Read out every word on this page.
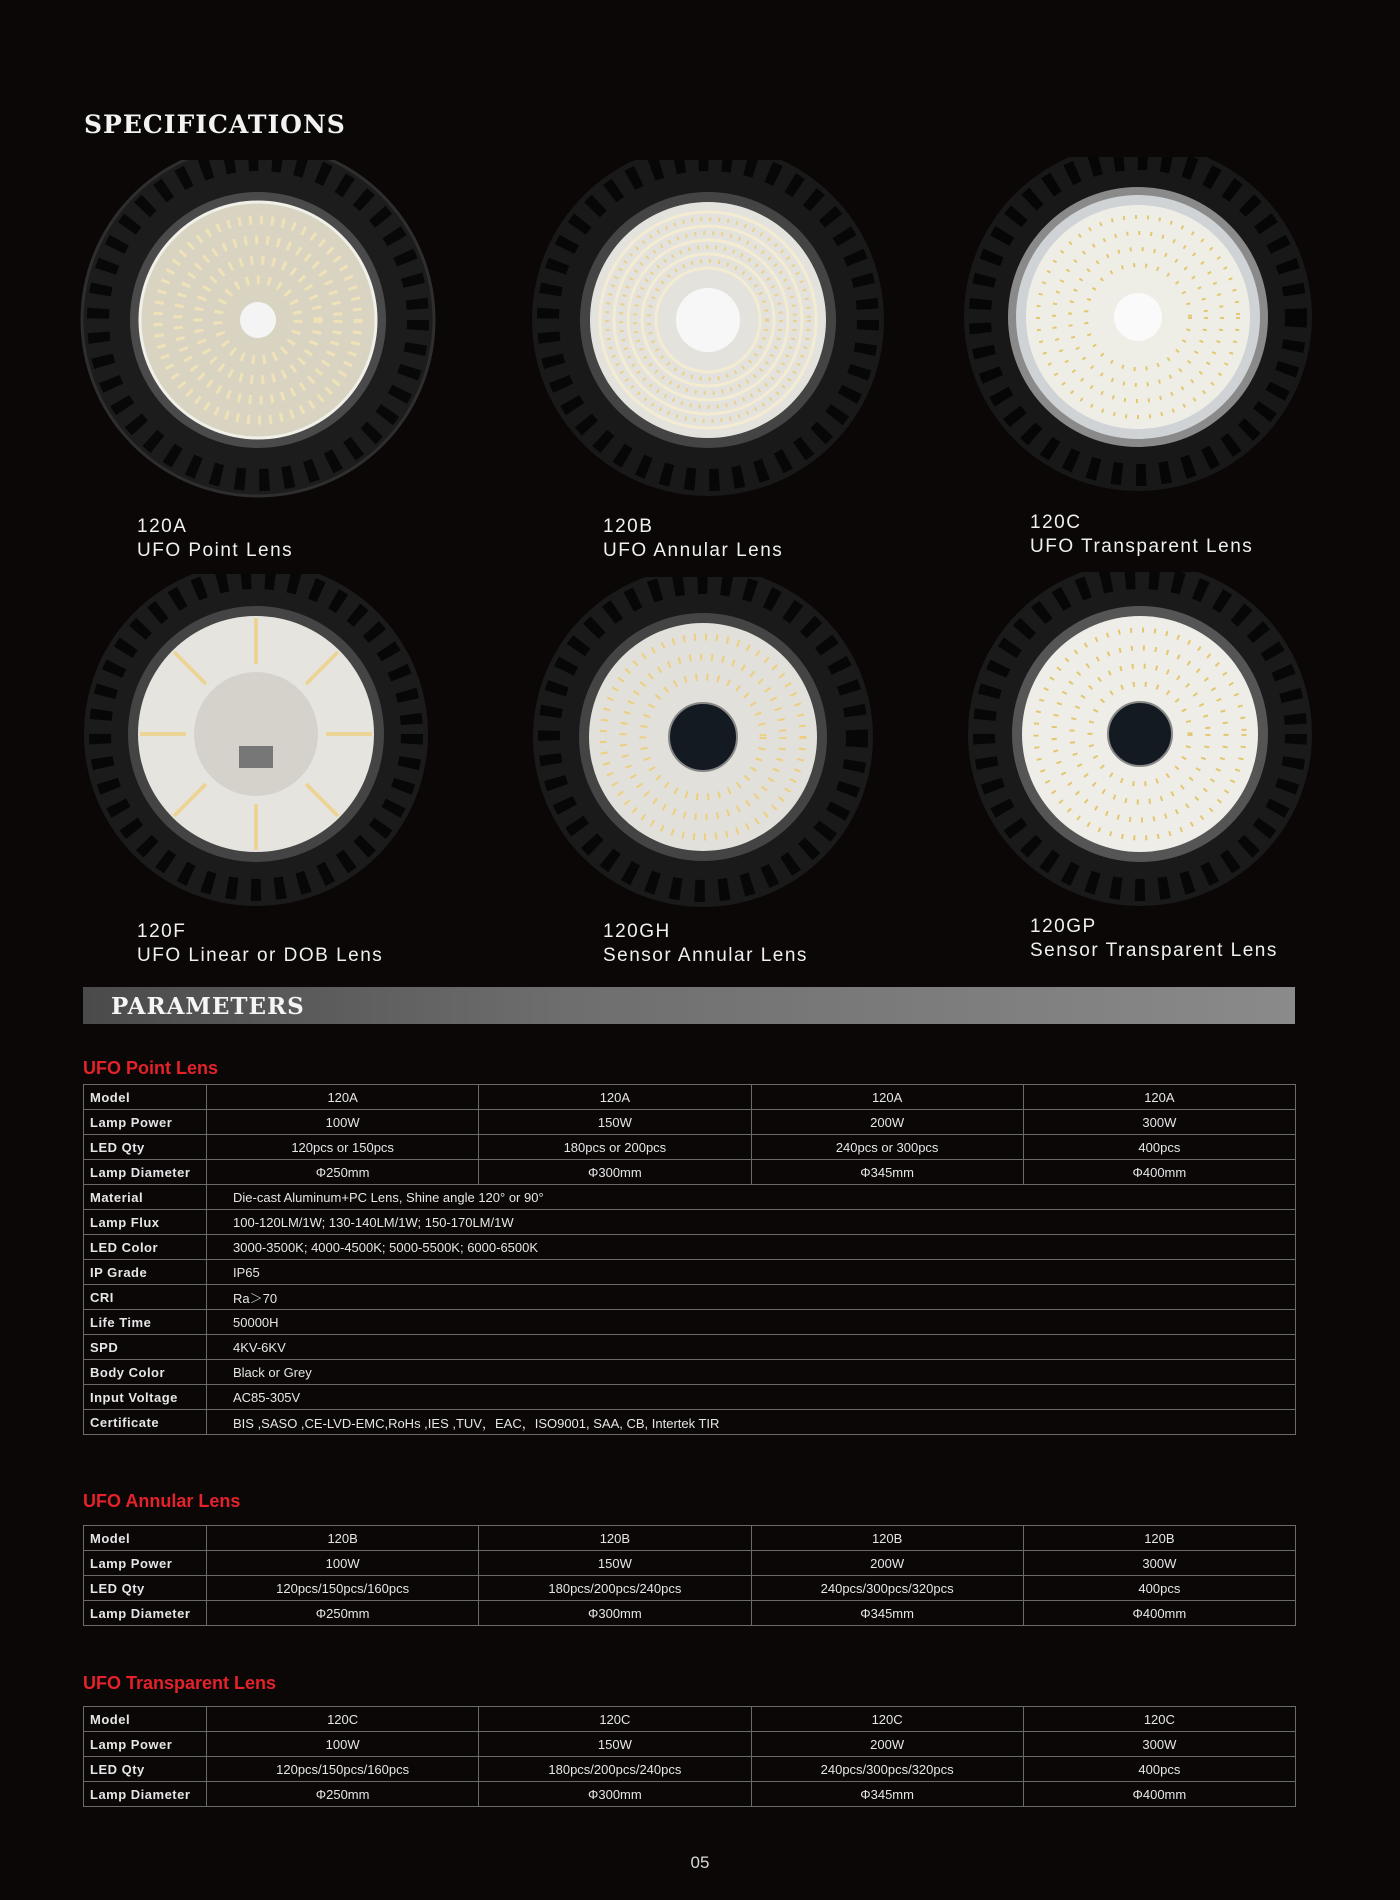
SPECIFICATIONS
120A
UFO Point Lens
120B
UFO Annular Lens
120C
UFO Transparent Lens
120F
UFO Linear or DOB Lens
120GH
Sensor Annular Lens
120GP
Sensor Transparent Lens
PARAMETERS
UFO Point Lens
Model	120A	120A	120A	120A
Lamp Power	100W	150W	200W	300W
LED Qty	120pcs or 150pcs	180pcs or 200pcs	240pcs or 300pcs	400pcs
Lamp Diameter	Φ250mm	Φ300mm	Φ345mm	Φ400mm
Material	Die-cast Aluminum+PC Lens, Shine angle 120° or 90°			
Lamp Flux	100-120LM/1W; 130-140LM/1W; 150-170LM/1W			
LED Color	3000-3500K; 4000-4500K; 5000-5500K; 6000-6500K			
IP Grade	IP65			
CRI	Ra＞70			
Life Time	50000H			
SPD	4KV-6KV			
Body Color	Black or Grey			
Input Voltage	AC85-305V			
Certificate	BIS ,SASO ,CE-LVD-EMC,RoHs ,IES ,TUV，EAC，ISO9001, SAA, CB, Intertek TIR			
UFO Annular Lens
Model	120B	120B	120B	120B
Lamp Power	100W	150W	200W	300W
LED Qty	120pcs/150pcs/160pcs	180pcs/200pcs/240pcs	240pcs/300pcs/320pcs	400pcs
Lamp Diameter	Φ250mm	Φ300mm	Φ345mm	Φ400mm
UFO Transparent Lens
Model	120C	120C	120C	120C
Lamp Power	100W	150W	200W	300W
LED Qty	120pcs/150pcs/160pcs	180pcs/200pcs/240pcs	240pcs/300pcs/320pcs	400pcs
Lamp Diameter	Φ250mm	Φ300mm	Φ345mm	Φ400mm
05
